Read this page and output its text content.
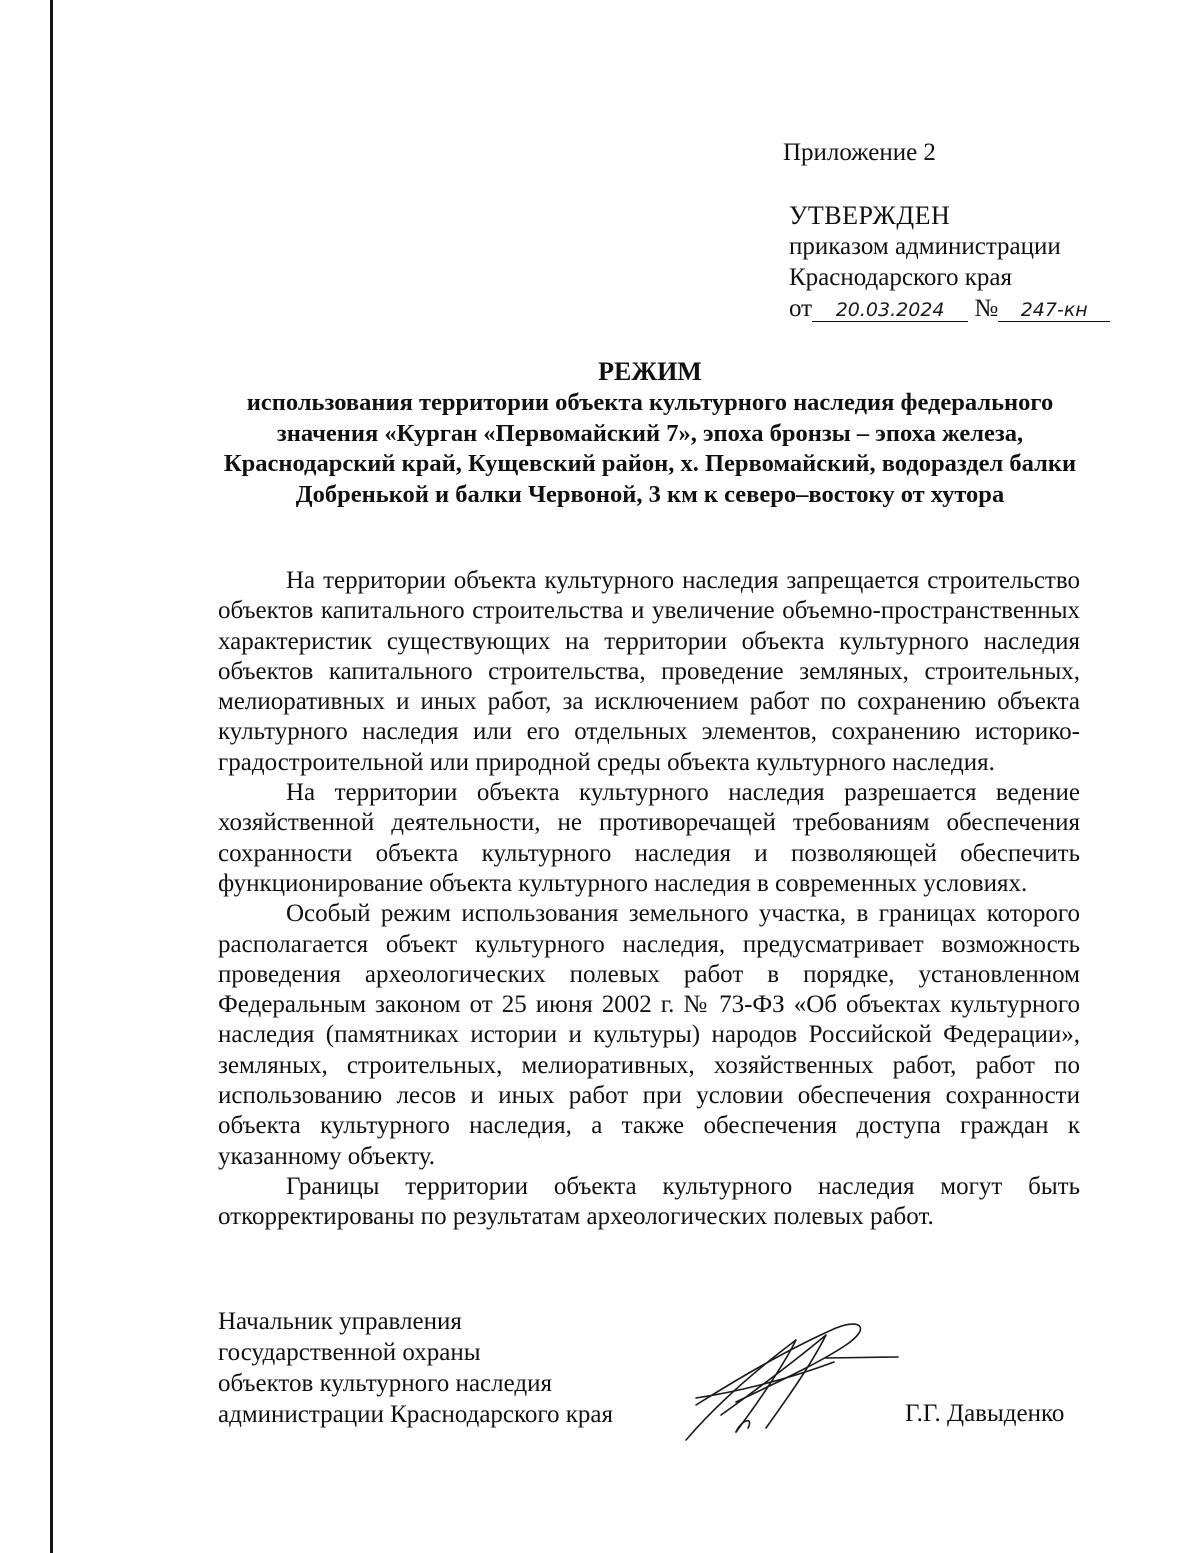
Приложение 2
УТВЕРЖДЕН
приказом администрации
Краснодарского края
от 20.03.2024 № 247-кн
РЕЖИМ
использования территории объекта культурного наследия федерального значения «Курган «Первомайский 7», эпоха бронзы – эпоха железа, Краснодарский край, Кущевский район, х. Первомайский, водораздел балки Добренькой и балки Червоной, 3 км к северо–востоку от хутора

На территории объекта культурного наследия запрещается строительство объектов капитального строительства и увеличение объемно-пространственных характеристик существующих на территории объекта культурного наследия объектов капитального строительства, проведение земляных, строительных, мелиоративных и иных работ, за исключением работ по сохранению объекта культурного наследия или его отдельных элементов, сохранению историко-градостроительной или природной среды объекта культурного наследия.

На территории объекта культурного наследия разрешается ведение хозяйственной деятельности, не противоречащей требованиям обеспечения сохранности объекта культурного наследия и позволяющей обеспечить функционирование объекта культурного наследия в современных условиях.

Особый режим использования земельного участка, в границах которого располагается объект культурного наследия, предусматривает возможность проведения археологических полевых работ в порядке, установленном Федеральным законом от 25 июня 2002 г. № 73-ФЗ «Об объектах культурного наследия (памятниках истории и культуры) народов Российской Федерации», земляных, строительных, мелиоративных, хозяйственных работ, работ по использованию лесов и иных работ при условии обеспечения сохранности объекта культурного наследия, а также обеспечения доступа граждан к указанному объекту.

Границы территории объекта культурного наследия могут быть откорректированы по результатам археологических полевых работ.

Начальник управления
государственной охраны
объектов культурного наследия
администрации Краснодарского края	Г.Г. Давыденко
